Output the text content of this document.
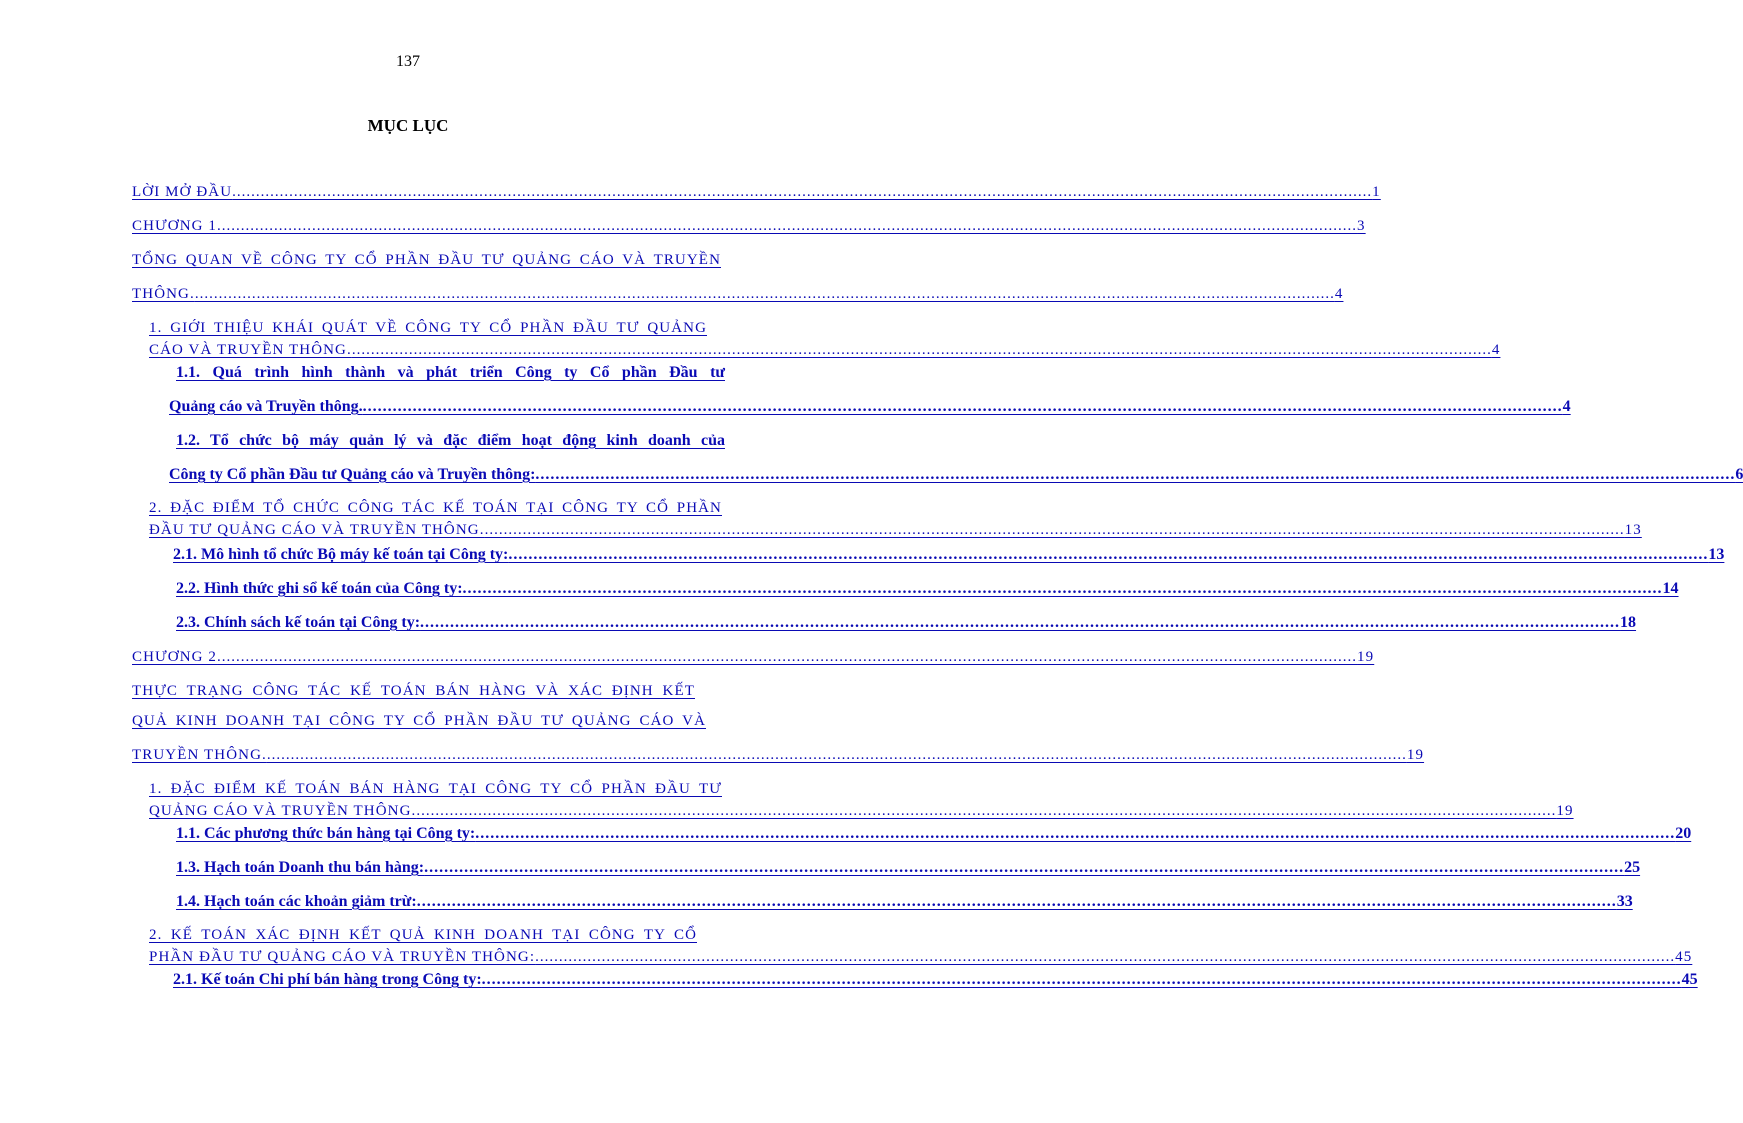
137
MỤC LỤC
LỜI MỞ ĐẦU ................................................................................................................................................................................................................................................ 1
CHƯƠNG 1 ................................................................................................................................................................................................................................................ 3
TỔNG QUAN VỀ CÔNG TY CỔ PHẦN ĐẦU TƯ QUẢNG CÁO VÀ TRUYỀN
THÔNG. ................................................................................................................................................................................................................................................ 4
1. GIỚI THIỆU KHÁI QUÁT VỀ CÔNG TY CỔ PHẦN ĐẦU TƯ QUẢNG
CÁO VÀ TRUYỀN THÔNG. ................................................................................................................................................................................................................................................ 4
1.1. Quá trình hình thành và phát triển Công ty Cổ phần Đầu tư
Quảng cáo và Truyền thông. ................................................................................................................................................................................................................................................ 4
1.2. Tổ chức bộ máy quản lý và đặc điểm hoạt động kinh doanh của
Công ty Cổ phần Đầu tư Quảng cáo và Truyền thông: ................................................................................................................................................................................................................................................ 6
2. ĐẶC ĐIỂM TỔ CHỨC CÔNG TÁC KẾ TOÁN TẠI CÔNG TY CỔ PHẦN
ĐẦU TƯ QUẢNG CÁO VÀ TRUYỀN THÔNG. ................................................................................................................................................................................................................................................ 13
2.1. Mô hình tổ chức Bộ máy kế toán tại Công ty: ................................................................................................................................................................................................................................................ 13
2.2. Hình thức ghi sổ kế toán của Công ty: ................................................................................................................................................................................................................................................ 14
2.3. Chính sách kế toán tại Công ty: ................................................................................................................................................................................................................................................ 18
CHƯƠNG 2 ................................................................................................................................................................................................................................................ 19
THỰC TRẠNG CÔNG TÁC KẾ TOÁN BÁN HÀNG VÀ XÁC ĐỊNH KẾT
QUẢ KINH DOANH TẠI CÔNG TY CỔ PHẦN ĐẦU TƯ QUẢNG CÁO VÀ
TRUYỀN THÔNG. ................................................................................................................................................................................................................................................ 19
1. ĐẶC ĐIỂM KẾ TOÁN BÁN HÀNG TẠI CÔNG TY CỔ PHẦN ĐẦU TƯ
QUẢNG CÁO VÀ TRUYỀN THÔNG. ................................................................................................................................................................................................................................................ 19
1.1. Các phương thức bán hàng tại Công ty: ................................................................................................................................................................................................................................................ 20
1.3. Hạch toán Doanh thu bán hàng: ................................................................................................................................................................................................................................................ 25
1.4. Hạch toán các khoản giảm trừ: ................................................................................................................................................................................................................................................ 33
2. KẾ TOÁN XÁC ĐỊNH KẾT QUẢ KINH DOANH TẠI CÔNG TY CỔ
PHẦN ĐẦU TƯ QUẢNG CÁO VÀ TRUYỀN THÔNG: ................................................................................................................................................................................................................................................ 45
2.1. Kế toán Chi phí bán hàng trong Công ty: ................................................................................................................................................................................................................................................ 45
